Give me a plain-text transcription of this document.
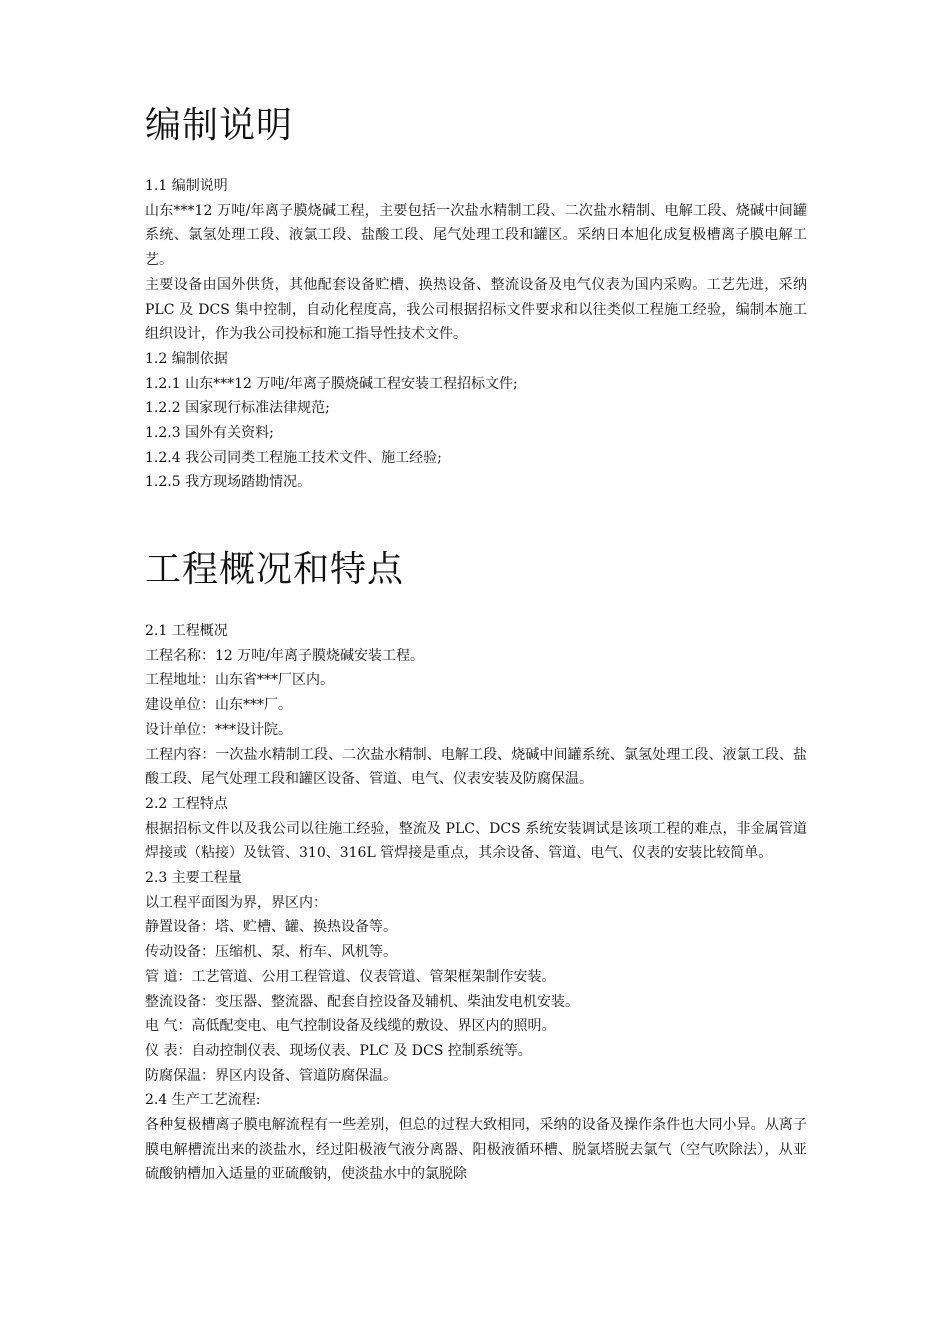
编制说明

1.1 编制说明

山东***12 万吨/年离子膜烧碱工程，主要包括一次盐水精制工段、二次盐水精制、电解工段、烧碱中间罐系统、氯氢处理工段、液氯工段、盐酸工段、尾气处理工段和罐区。采纳日本旭化成复极槽离子膜电解工艺。

主要设备由国外供货，其他配套设备贮槽、换热设备、整流设备及电气仪表为国内采购。工艺先进，采纳 PLC 及 DCS 集中控制，自动化程度高，我公司根据招标文件要求和以往类似工程施工经验，编制本施工组织设计，作为我公司投标和施工指导性技术文件。

1.2 编制依据

1.2.1 山东***12 万吨/年离子膜烧碱工程安装工程招标文件;

1.2.2 国家现行标准法律规范;

1.2.3 国外有关资料;

1.2.4 我公司同类工程施工技术文件、施工经验;

1.2.5 我方现场踏勘情况。

工程概况和特点

2.1 工程概况

工程名称：12 万吨/年离子膜烧碱安装工程。

工程地址：山东省***厂区内。

建设单位：山东***厂。

设计单位：***设计院。

工程内容：一次盐水精制工段、二次盐水精制、电解工段、烧碱中间罐系统、氯氢处理工段、液氯工段、盐酸工段、尾气处理工段和罐区设备、管道、电气、仪表安装及防腐保温。

2.2 工程特点

根据招标文件以及我公司以往施工经验，整流及 PLC、DCS 系统安装调试是该项工程的难点，非金属管道焊接或（粘接）及钛管、310、316L 管焊接是重点，其余设备、管道、电气、仪表的安装比较简单。

2.3 主要工程量

以工程平面图为界，界区内：

静置设备：塔、贮槽、罐、换热设备等。

传动设备：压缩机、泵、桁车、风机等。

管 道：工艺管道、公用工程管道、仪表管道、管架框架制作安装。

整流设备：变压器、整流器、配套自控设备及辅机、柴油发电机安装。

电 气：高低配变电、电气控制设备及线缆的敷设、界区内的照明。

仪 表：自动控制仪表、现场仪表、PLC 及 DCS 控制系统等。

防腐保温：界区内设备、管道防腐保温。

2.4 生产工艺流程:

各种复极槽离子膜电解流程有一些差别，但总的过程大致相同，采纳的设备及操作条件也大同小异。从离子膜电解槽流出来的淡盐水，经过阳极液气液分离器、阳极液循环槽、脱氯塔脱去氯气（空气吹除法），从亚硫酸钠槽加入适量的亚硫酸钠，使淡盐水中的氯脱除
